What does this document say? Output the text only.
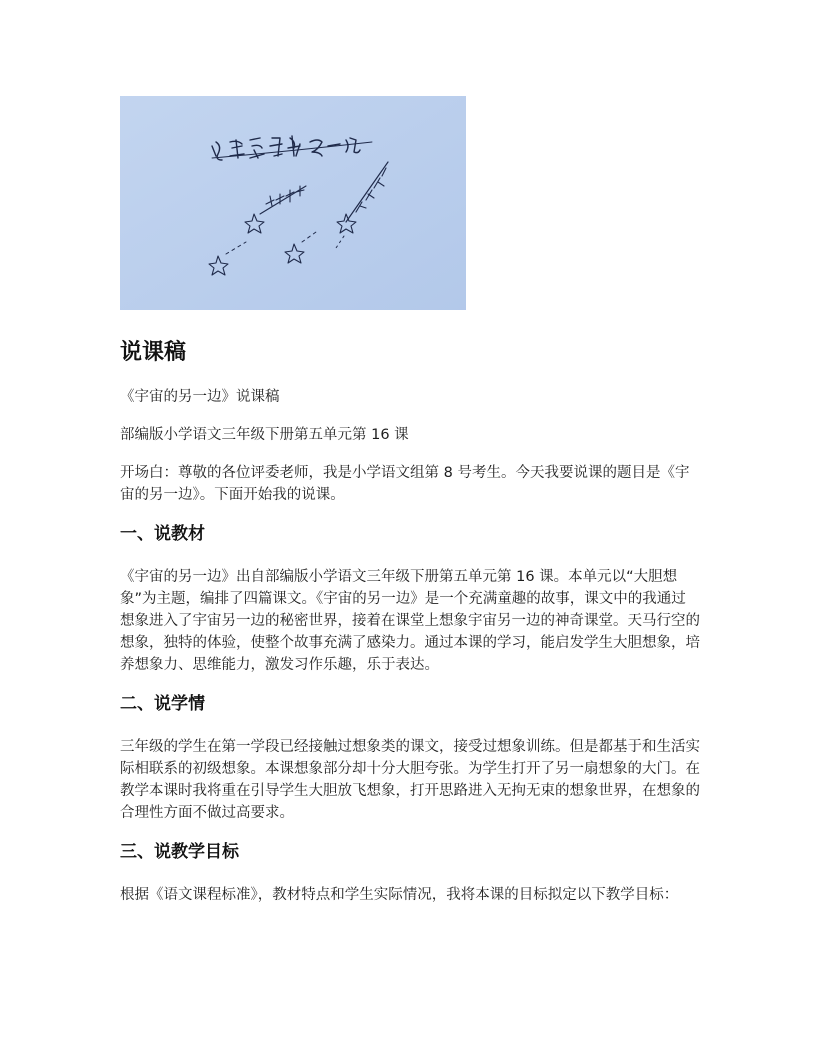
说课稿

《宇宙的另一边》说课稿

部编版小学语文三年级下册第五单元第 16 课

开场白：尊敬的各位评委老师，我是小学语文组第 8 号考生。今天我要说课的题目是《宇宙的另一边》。下面开始我的说课。

一、说教材

《宇宙的另一边》出自部编版小学语文三年级下册第五单元第 16 课。本单元以“大胆想象”为主题，编排了四篇课文。《宇宙的另一边》是一个充满童趣的故事，课文中的我通过想象进入了宇宙另一边的秘密世界，接着在课堂上想象宇宙另一边的神奇课堂。天马行空的想象，独特的体验，使整个故事充满了感染力。通过本课的学习，能启发学生大胆想象，培养想象力、思维能力，激发习作乐趣，乐于表达。

二、说学情

三年级的学生在第一学段已经接触过想象类的课文，接受过想象训练。但是都基于和生活实际相联系的初级想象。本课想象部分却十分大胆夸张。为学生打开了另一扇想象的大门。在教学本课时我将重在引导学生大胆放飞想象，打开思路进入无拘无束的想象世界，在想象的合理性方面不做过高要求。

三、说教学目标

根据《语文课程标准》，教材特点和学生实际情况，我将本课的目标拟定以下教学目标：
